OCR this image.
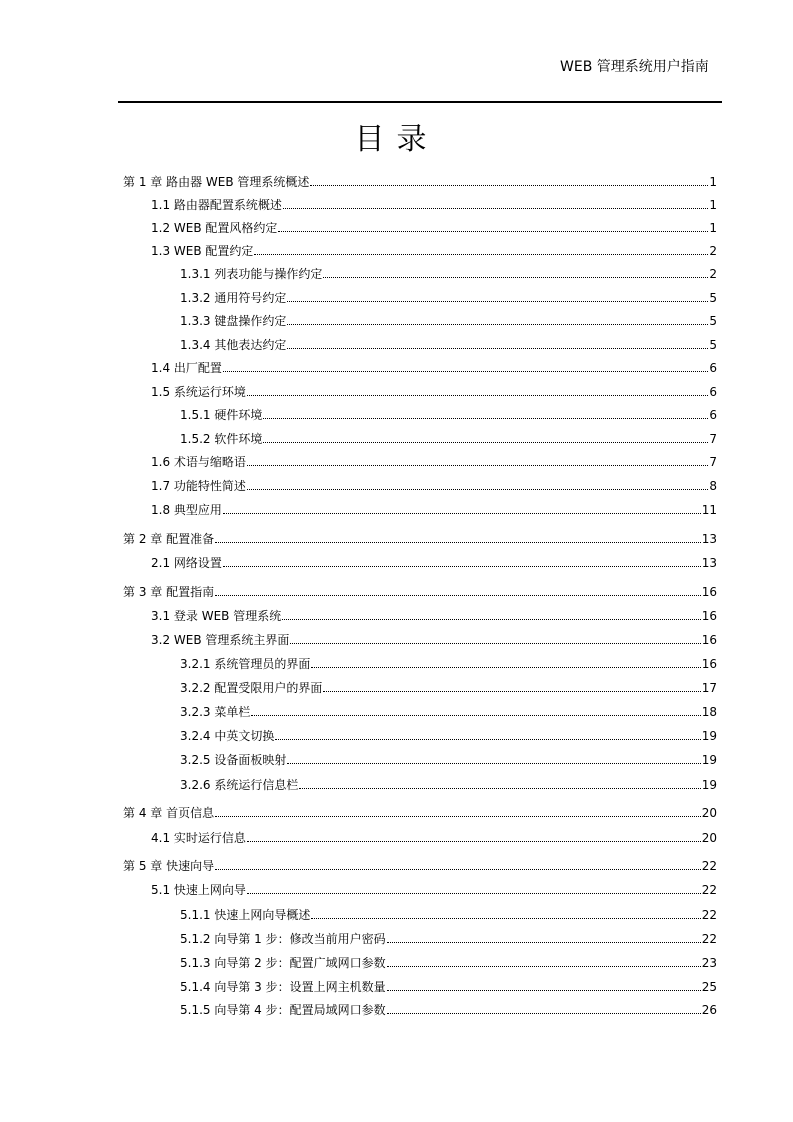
WEB 管理系统用户指南
目录
第 1 章 路由器 WEB 管理系统概述	1
1.1 路由器配置系统概述	1
1.2 WEB 配置风格约定	1
1.3 WEB 配置约定	2
1.3.1 列表功能与操作约定	2
1.3.2 通用符号约定	5
1.3.3 键盘操作约定	5
1.3.4 其他表达约定	5
1.4 出厂配置	6
1.5 系统运行环境	6
1.5.1 硬件环境	6
1.5.2 软件环境	7
1.6 术语与缩略语	7
1.7 功能特性简述	8
1.8 典型应用	11
第 2 章 配置准备	13
2.1 网络设置	13
第 3 章 配置指南	16
3.1 登录 WEB 管理系统	16
3.2 WEB 管理系统主界面	16
3.2.1 系统管理员的界面	16
3.2.2 配置受限用户的界面	17
3.2.3 菜单栏	18
3.2.4 中英文切换	19
3.2.5 设备面板映射	19
3.2.6 系统运行信息栏	19
第 4 章 首页信息	20
4.1 实时运行信息	20
第 5 章 快速向导	22
5.1 快速上网向导	22
5.1.1 快速上网向导概述	22
5.1.2 向导第 1 步：修改当前用户密码	22
5.1.3 向导第 2 步：配置广域网口参数	23
5.1.4 向导第 3 步：设置上网主机数量	25
5.1.5 向导第 4 步：配置局域网口参数	26
